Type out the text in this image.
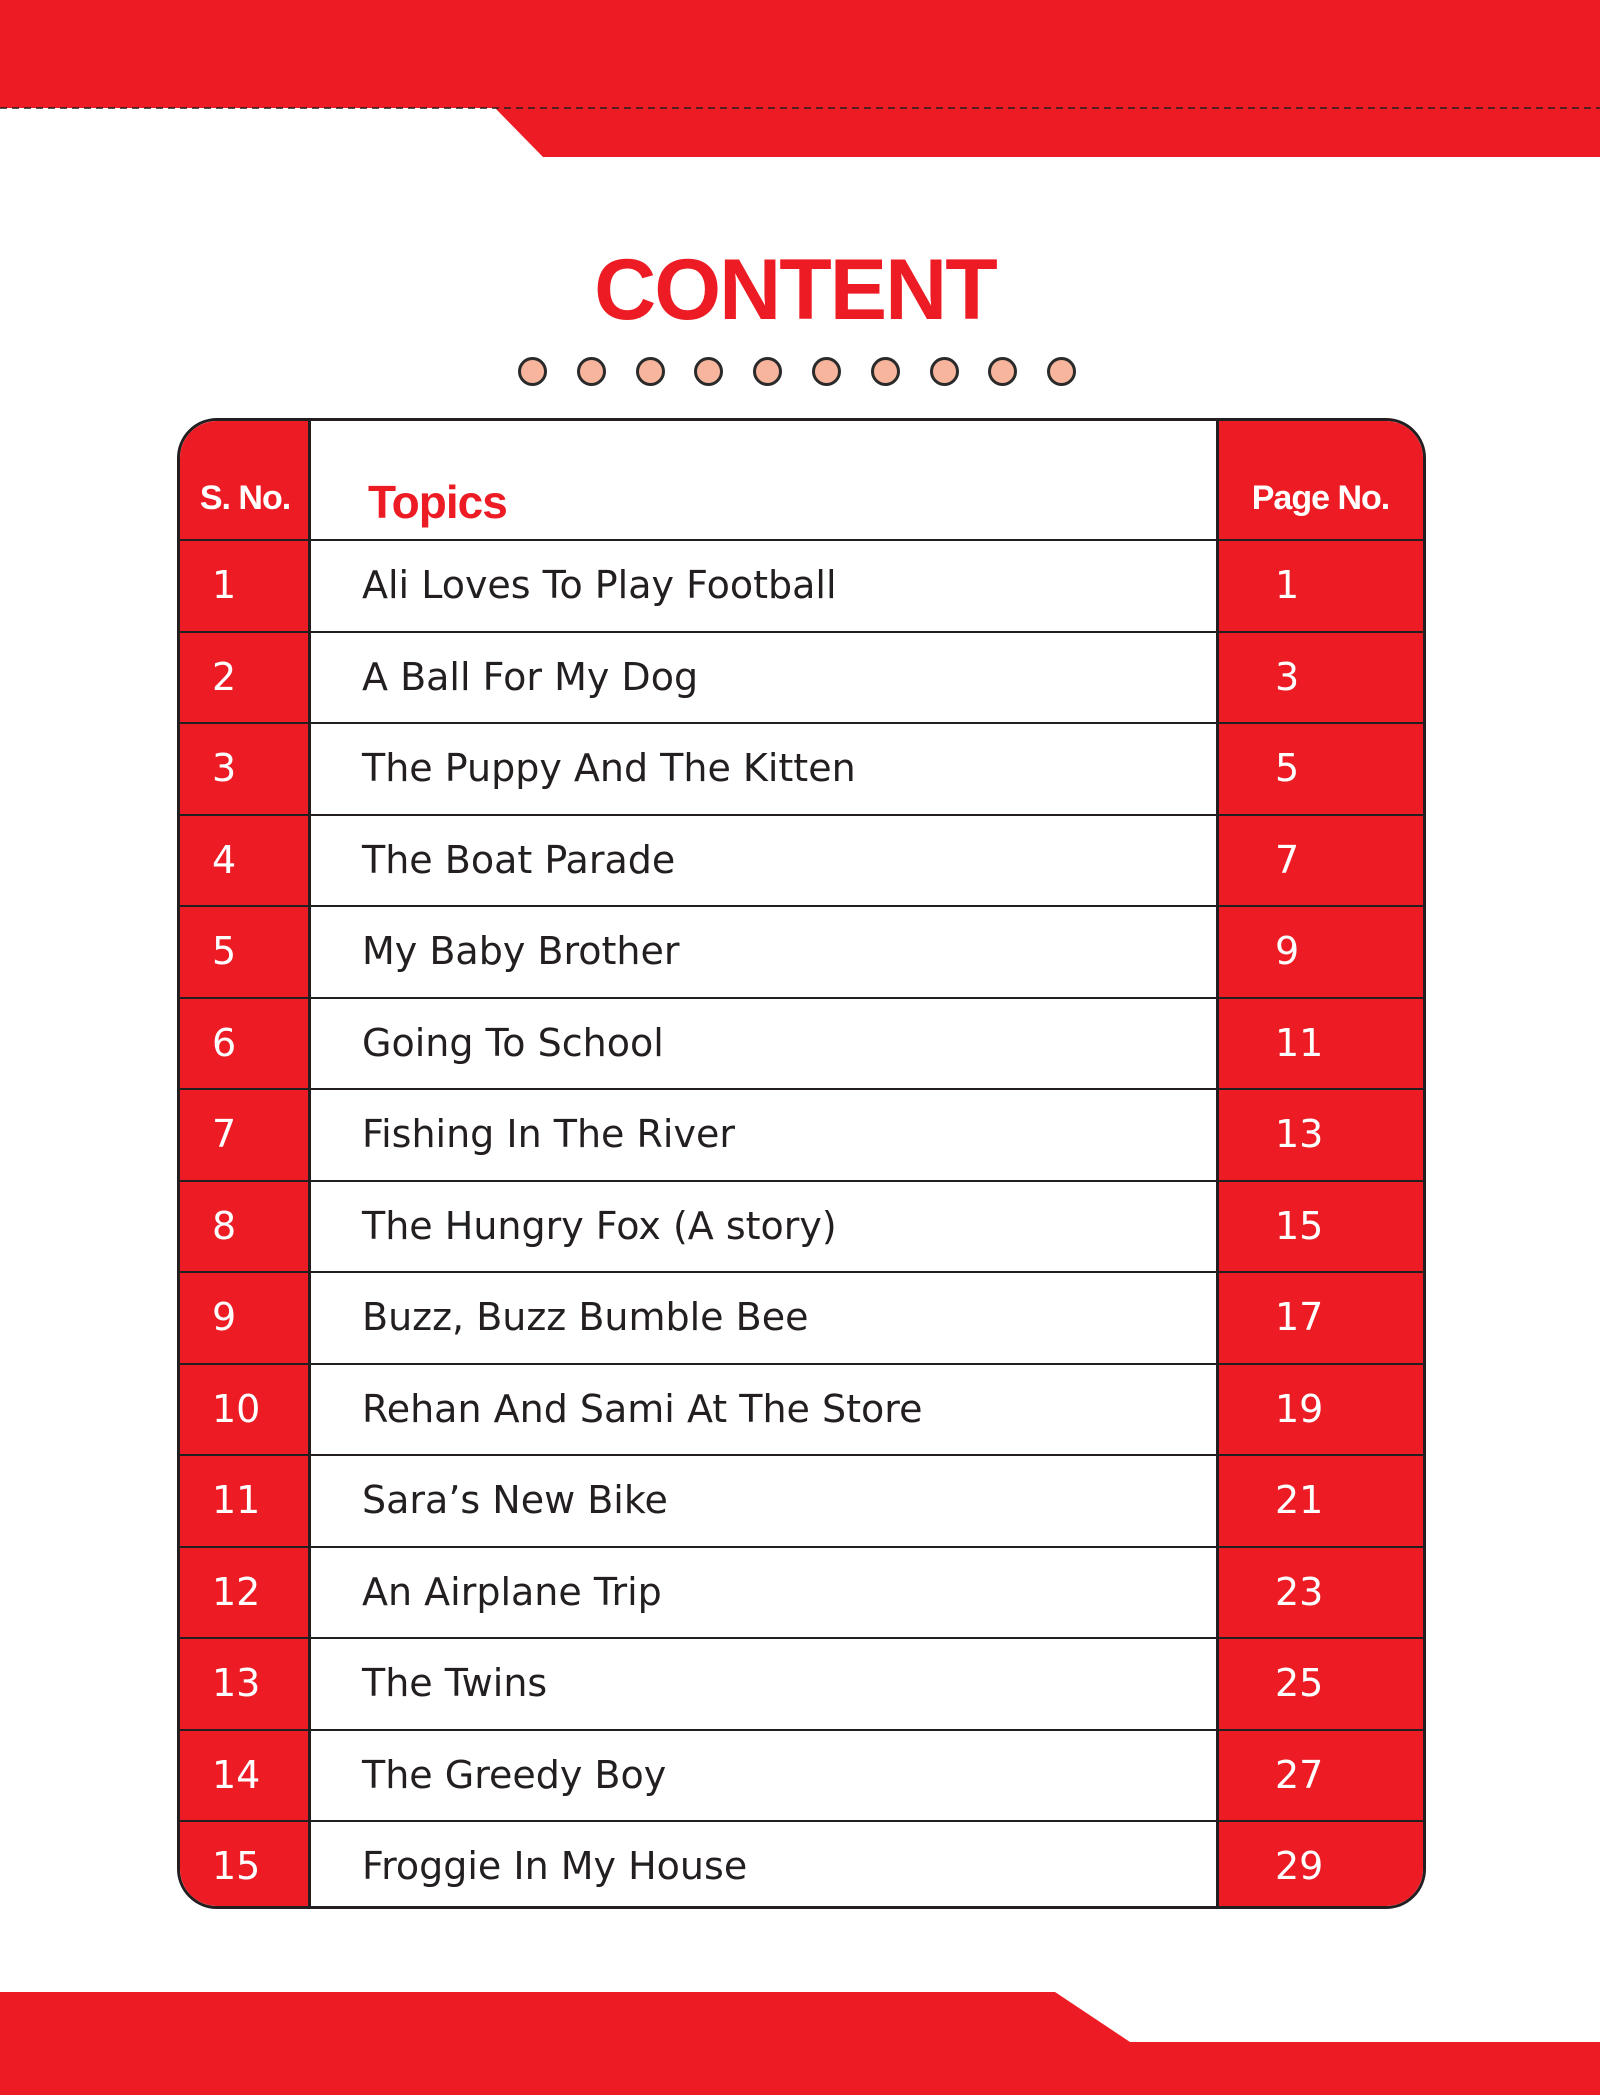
CONTENT
S. No.	Topics	Page No.
1	Ali Loves To Play Football	1
2	A Ball For My Dog	3
3	The Puppy And The Kitten	5
4	The Boat Parade	7
5	My Baby Brother	9
6	Going To School	11
7	Fishing In The River	13
8	The Hungry Fox (A story)	15
9	Buzz, Buzz Bumble Bee	17
10	Rehan And Sami At The Store	19
11	Sara’s New Bike	21
12	An Airplane Trip	23
13	The Twins	25
14	The Greedy Boy	27
15	Froggie In My House	29
